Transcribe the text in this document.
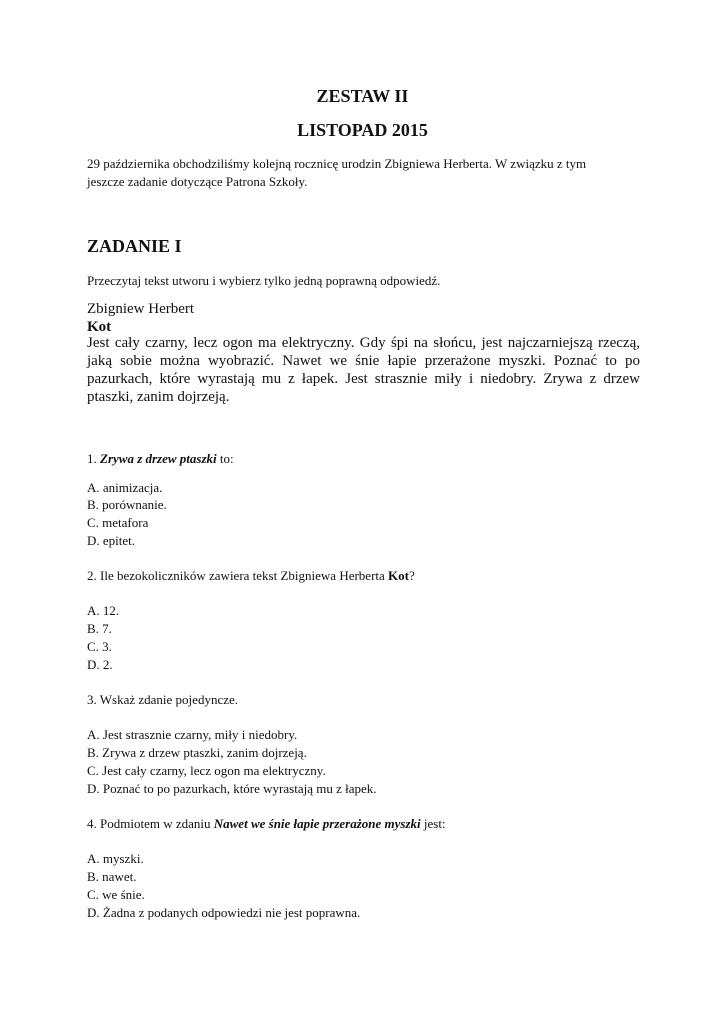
ZESTAW II
LISTOPAD 2015
29 października obchodziliśmy kolejną rocznicę urodzin Zbigniewa Herberta. W związku z tym
jeszcze zadanie dotyczące Patrona Szkoły.
ZADANIE I
Przeczytaj tekst utworu i wybierz tylko jedną poprawną odpowiedź.
Zbigniew Herbert
Kot

Jest cały czarny, lecz ogon ma elektryczny. Gdy śpi na słońcu, jest najczarniejszą rzeczą, jaką sobie można wyobrazić. Nawet we śnie łapie przerażone myszki. Poznać to po pazurkach, które wyrastają mu z łapek. Jest strasznie miły i niedobry. Zrywa z drzew ptaszki, zanim dojrzeją.

1. Zrywa z drzew ptaszki to:
A. animizacja.
B. porównanie.
C. metafora
D. epitet.
2. Ile bezokoliczników zawiera tekst Zbigniewa Herberta Kot?
A. 12.
B. 7.
C. 3.
D. 2.
3. Wskaż zdanie pojedyncze.
A. Jest strasznie czarny, miły i niedobry.
B. Zrywa z drzew ptaszki, zanim dojrzeją.
C. Jest cały czarny, lecz ogon ma elektryczny.
D. Poznać to po pazurkach, które wyrastają mu z łapek.
4. Podmiotem w zdaniu Nawet we śnie łapie przerażone myszki jest:
A. myszki.
B. nawet.
C. we śnie.
D. Żadna z podanych odpowiedzi nie jest poprawna.
